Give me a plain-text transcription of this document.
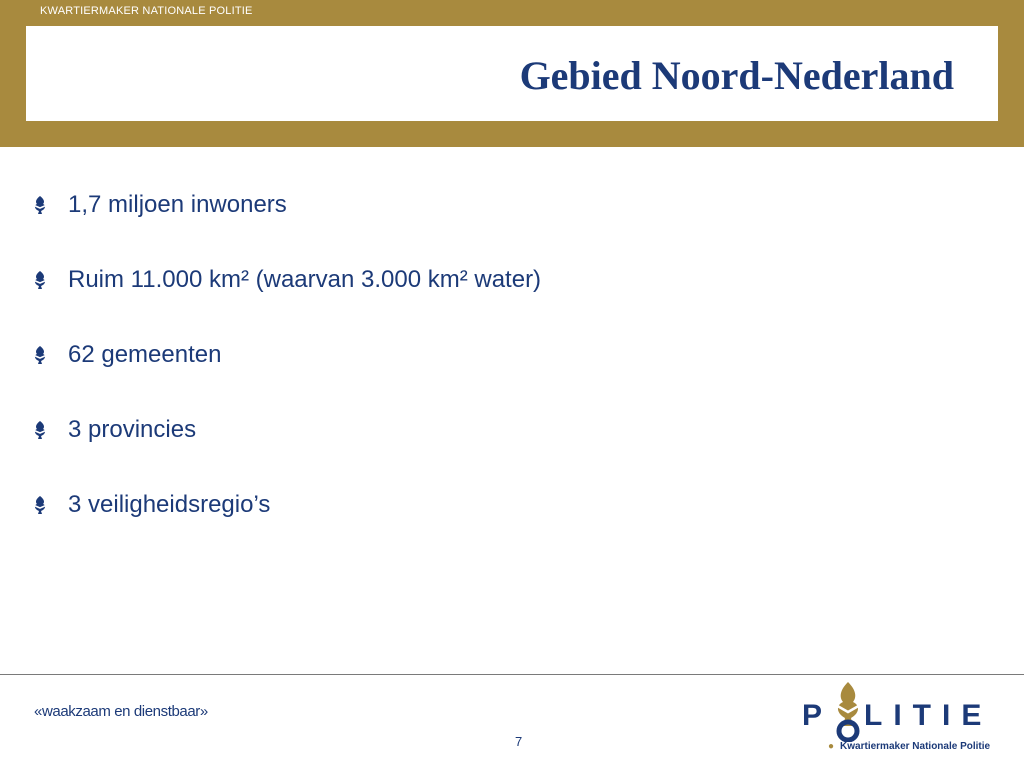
KWARTIERMAKER NATIONALE POLITIE
Gebied Noord-Nederland
1,7 miljoen inwoners
Ruim 11.000 km² (waarvan 3.000 km² water)
62 gemeenten
3 provincies
3 veiligheidsregio’s
«waakzaam en dienstbaar»
7
P LITIE
● Kwartiermaker Nationale Politie
